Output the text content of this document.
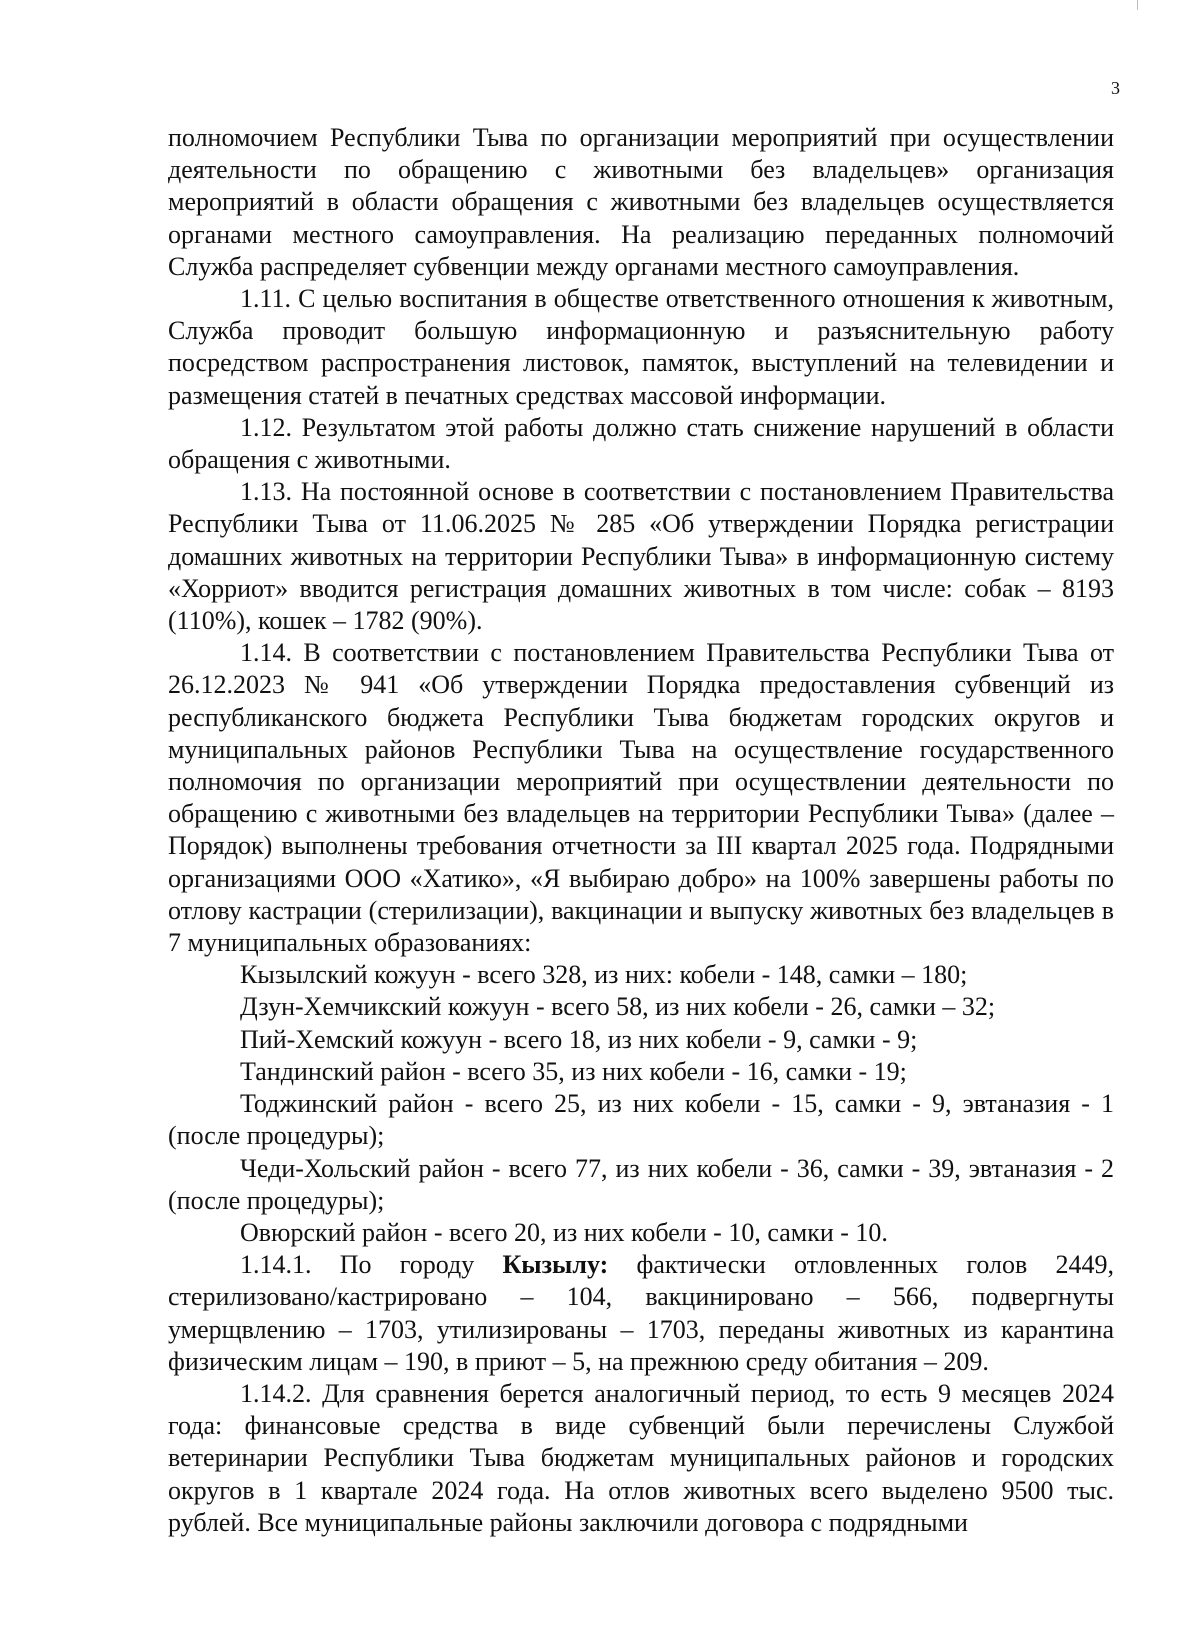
3

полномочием Республики Тыва по организации мероприятий при осуществлении деятельности по обращению с животными без владельцев» организация мероприятий в области обращения с животными без владельцев осуществляется органами местного самоуправления. На реализацию переданных полномочий Служба распределяет субвенции между органами местного самоуправления.

1.11. С целью воспитания в обществе ответственного отношения к животным, Служба проводит большую информационную и разъяснительную работу посредством распространения листовок, памяток, выступлений на телевидении и размещения статей в печатных средствах массовой информации.

1.12. Результатом этой работы должно стать снижение нарушений в области обращения с животными.

1.13. На постоянной основе в соответствии с постановлением Правительства Республики Тыва от 11.06.2025 № 285 «Об утверждении Порядка регистрации домашних животных на территории Республики Тыва» в информационную систему «Хорриот» вводится регистрация домашних животных в том числе: собак – 8193 (110%), кошек – 1782 (90%).

1.14. В соответствии с постановлением Правительства Республики Тыва от 26.12.2023 № 941 «Об утверждении Порядка предоставления субвенций из республиканского бюджета Республики Тыва бюджетам городских округов и муниципальных районов Республики Тыва на осуществление государственного полномочия по организации мероприятий при осуществлении деятельности по обращению с животными без владельцев на территории Республики Тыва» (далее – Порядок) выполнены требования отчетности за III квартал 2025 года. Подрядными организациями ООО «Хатико», «Я выбираю добро» на 100% завершены работы по отлову кастрации (стерилизации), вакцинации и выпуску животных без владельцев в 7 муниципальных образованиях:

Кызылский кожуун - всего 328, из них: кобели - 148, самки – 180;

Дзун-Хемчикский кожуун - всего 58, из них кобели - 26, самки – 32;

Пий-Хемский кожуун - всего 18, из них кобели - 9, самки - 9;

Тандинский район - всего 35, из них кобели - 16, самки - 19;

Тоджинский район - всего 25, из них кобели - 15, самки - 9, эвтаназия - 1 (после процедуры);

Чеди-Хольский район - всего 77, из них кобели - 36, самки - 39, эвтаназия - 2 (после процедуры);

Овюрский район - всего 20, из них кобели - 10, самки - 10.

1.14.1. По городу Кызылу: фактически отловленных голов 2449, стерилизовано/кастрировано – 104, вакцинировано – 566, подвергнуты умерщвлению – 1703, утилизированы – 1703, переданы животных из карантина физическим лицам – 190, в приют – 5, на прежнюю среду обитания – 209.

1.14.2. Для сравнения берется аналогичный период, то есть 9 месяцев 2024 года: финансовые средства в виде субвенций были перечислены Службой ветеринарии Республики Тыва бюджетам муниципальных районов и городских округов в 1 квартале 2024 года. На отлов животных всего выделено 9500 тыс. рублей. Все муниципальные районы заключили договора с подрядными
